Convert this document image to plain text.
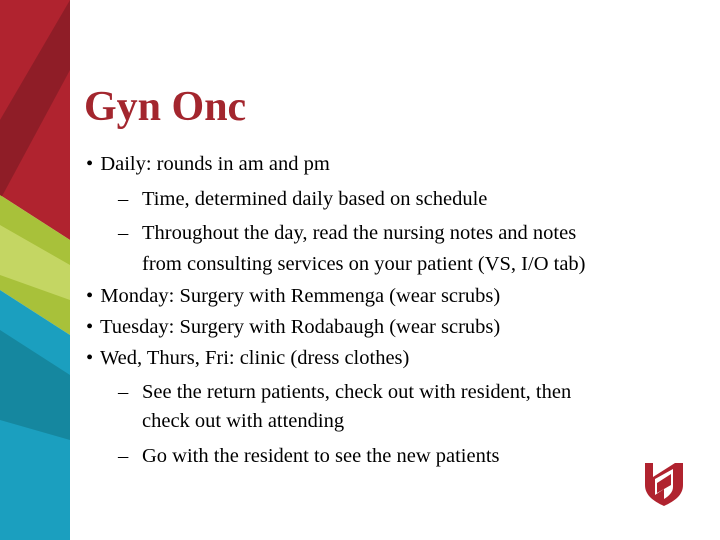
Gyn Onc
• Daily: rounds in am and pm
– Time, determined daily based on schedule
– Throughout the day, read the nursing notes and notes
from consulting services on your patient (VS, I/O tab)
• Monday: Surgery with Remmenga (wear scrubs)
• Tuesday: Surgery with Rodabaugh (wear scrubs)
• Wed, Thurs, Fri: clinic (dress clothes)
– See the return patients, check out with resident, then
check out with attending
– Go with the resident to see the new patients
